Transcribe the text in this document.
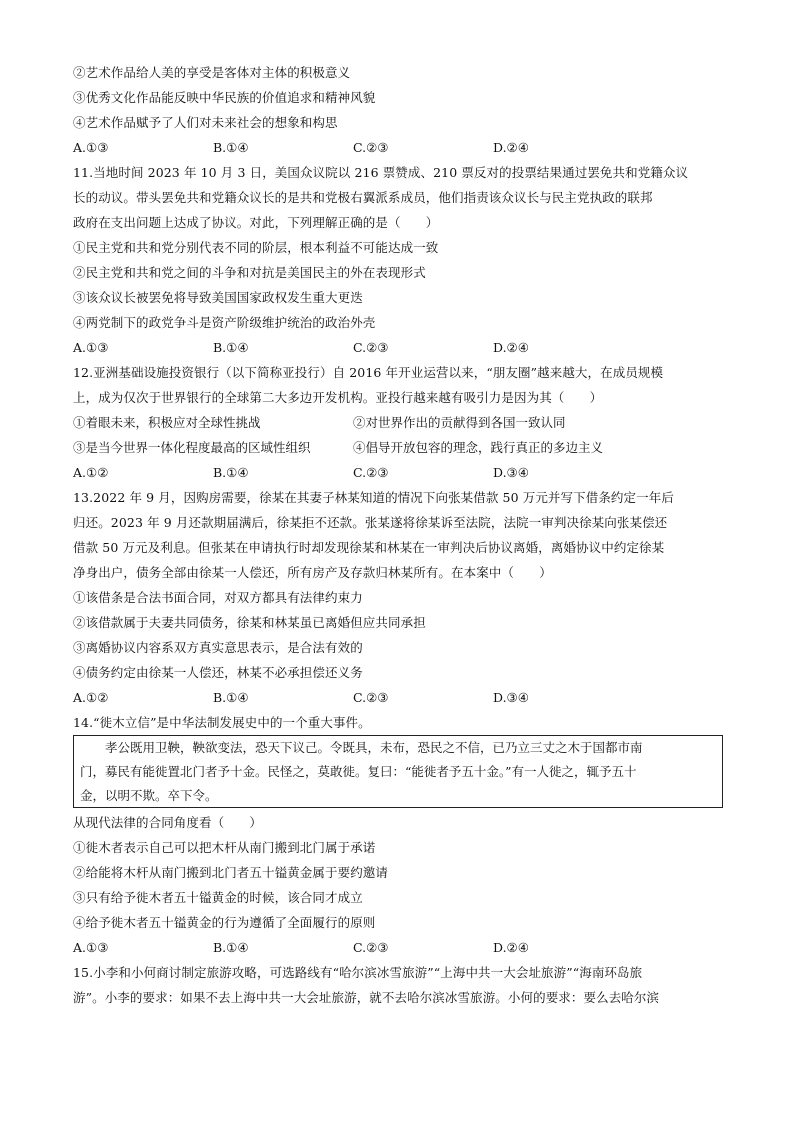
②艺术作品给人美的享受是客体对主体的积极意义
③优秀文化作品能反映中华民族的价值追求和精神风貌
④艺术作品赋予了人们对未来社会的想象和构思
A.①③	B.①④	C.②③	D.②④
11.当地时间 2023 年 10 月 3 日，美国众议院以 216 票赞成、210 票反对的投票结果通过罢免共和党籍众议
长的动议。带头罢免共和党籍众议长的是共和党极右翼派系成员，他们指责该众议长与民主党执政的联邦
政府在支出问题上达成了协议。对此，下列理解正确的是（　　）
①民主党和共和党分别代表不同的阶层，根本利益不可能达成一致
②民主党和共和党之间的斗争和对抗是美国民主的外在表现形式
③该众议长被罢免将导致美国国家政权发生重大更迭
④两党制下的政党争斗是资产阶级维护统治的政治外壳
A.①③	B.①④	C.②③	D.②④
12.亚洲基础设施投资银行（以下简称亚投行）自 2016 年开业运营以来，“朋友圈”越来越大，在成员规模
上，成为仅次于世界银行的全球第二大多边开发机构。亚投行越来越有吸引力是因为其（　　）
①着眼未来，积极应对全球性挑战	②对世界作出的贡献得到各国一致认同
③是当今世界一体化程度最高的区域性组织	④倡导开放包容的理念，践行真正的多边主义
A.①②	B.①④	C.②③	D.③④
13.2022 年 9 月，因购房需要，徐某在其妻子林某知道的情况下向张某借款 50 万元并写下借条约定一年后
归还。2023 年 9 月还款期届满后，徐某拒不还款。张某遂将徐某诉至法院，法院一审判决徐某向张某偿还
借款 50 万元及利息。但张某在申请执行时却发现徐某和林某在一审判决后协议离婚，离婚协议中约定徐某
净身出户，债务全部由徐某一人偿还，所有房产及存款归林某所有。在本案中（　　）
①该借条是合法书面合同，对双方都具有法律约束力
②该借款属于夫妻共同债务，徐某和林某虽已离婚但应共同承担
③离婚协议内容系双方真实意思表示，是合法有效的
④债务约定由徐某一人偿还，林某不必承担偿还义务
A.①②	B.①④	C.②③	D.③④
14.“徙木立信”是中华法制发展史中的一个重大事件。
　　孝公既用卫鞅，鞅欲变法，恐天下议己。令既具，未布，恐民之不信，已乃立三丈之木于国都市南
门，募民有能徙置北门者予十金。民怪之，莫敢徙。复曰：“能徙者予五十金。”有一人徙之，辄予五十
金，以明不欺。卒下令。
从现代法律的合同角度看（　　）
①徙木者表示自己可以把木杆从南门搬到北门属于承诺
②给能将木杆从南门搬到北门者五十镒黄金属于要约邀请
③只有给予徙木者五十镒黄金的时候，该合同才成立
④给予徙木者五十镒黄金的行为遵循了全面履行的原则
A.①③	B.①④	C.②③	D.②④
15.小李和小何商讨制定旅游攻略，可选路线有“哈尔滨冰雪旅游”“上海中共一大会址旅游”“海南环岛旅
游”。小李的要求：如果不去上海中共一大会址旅游，就不去哈尔滨冰雪旅游。小何的要求：要么去哈尔滨
